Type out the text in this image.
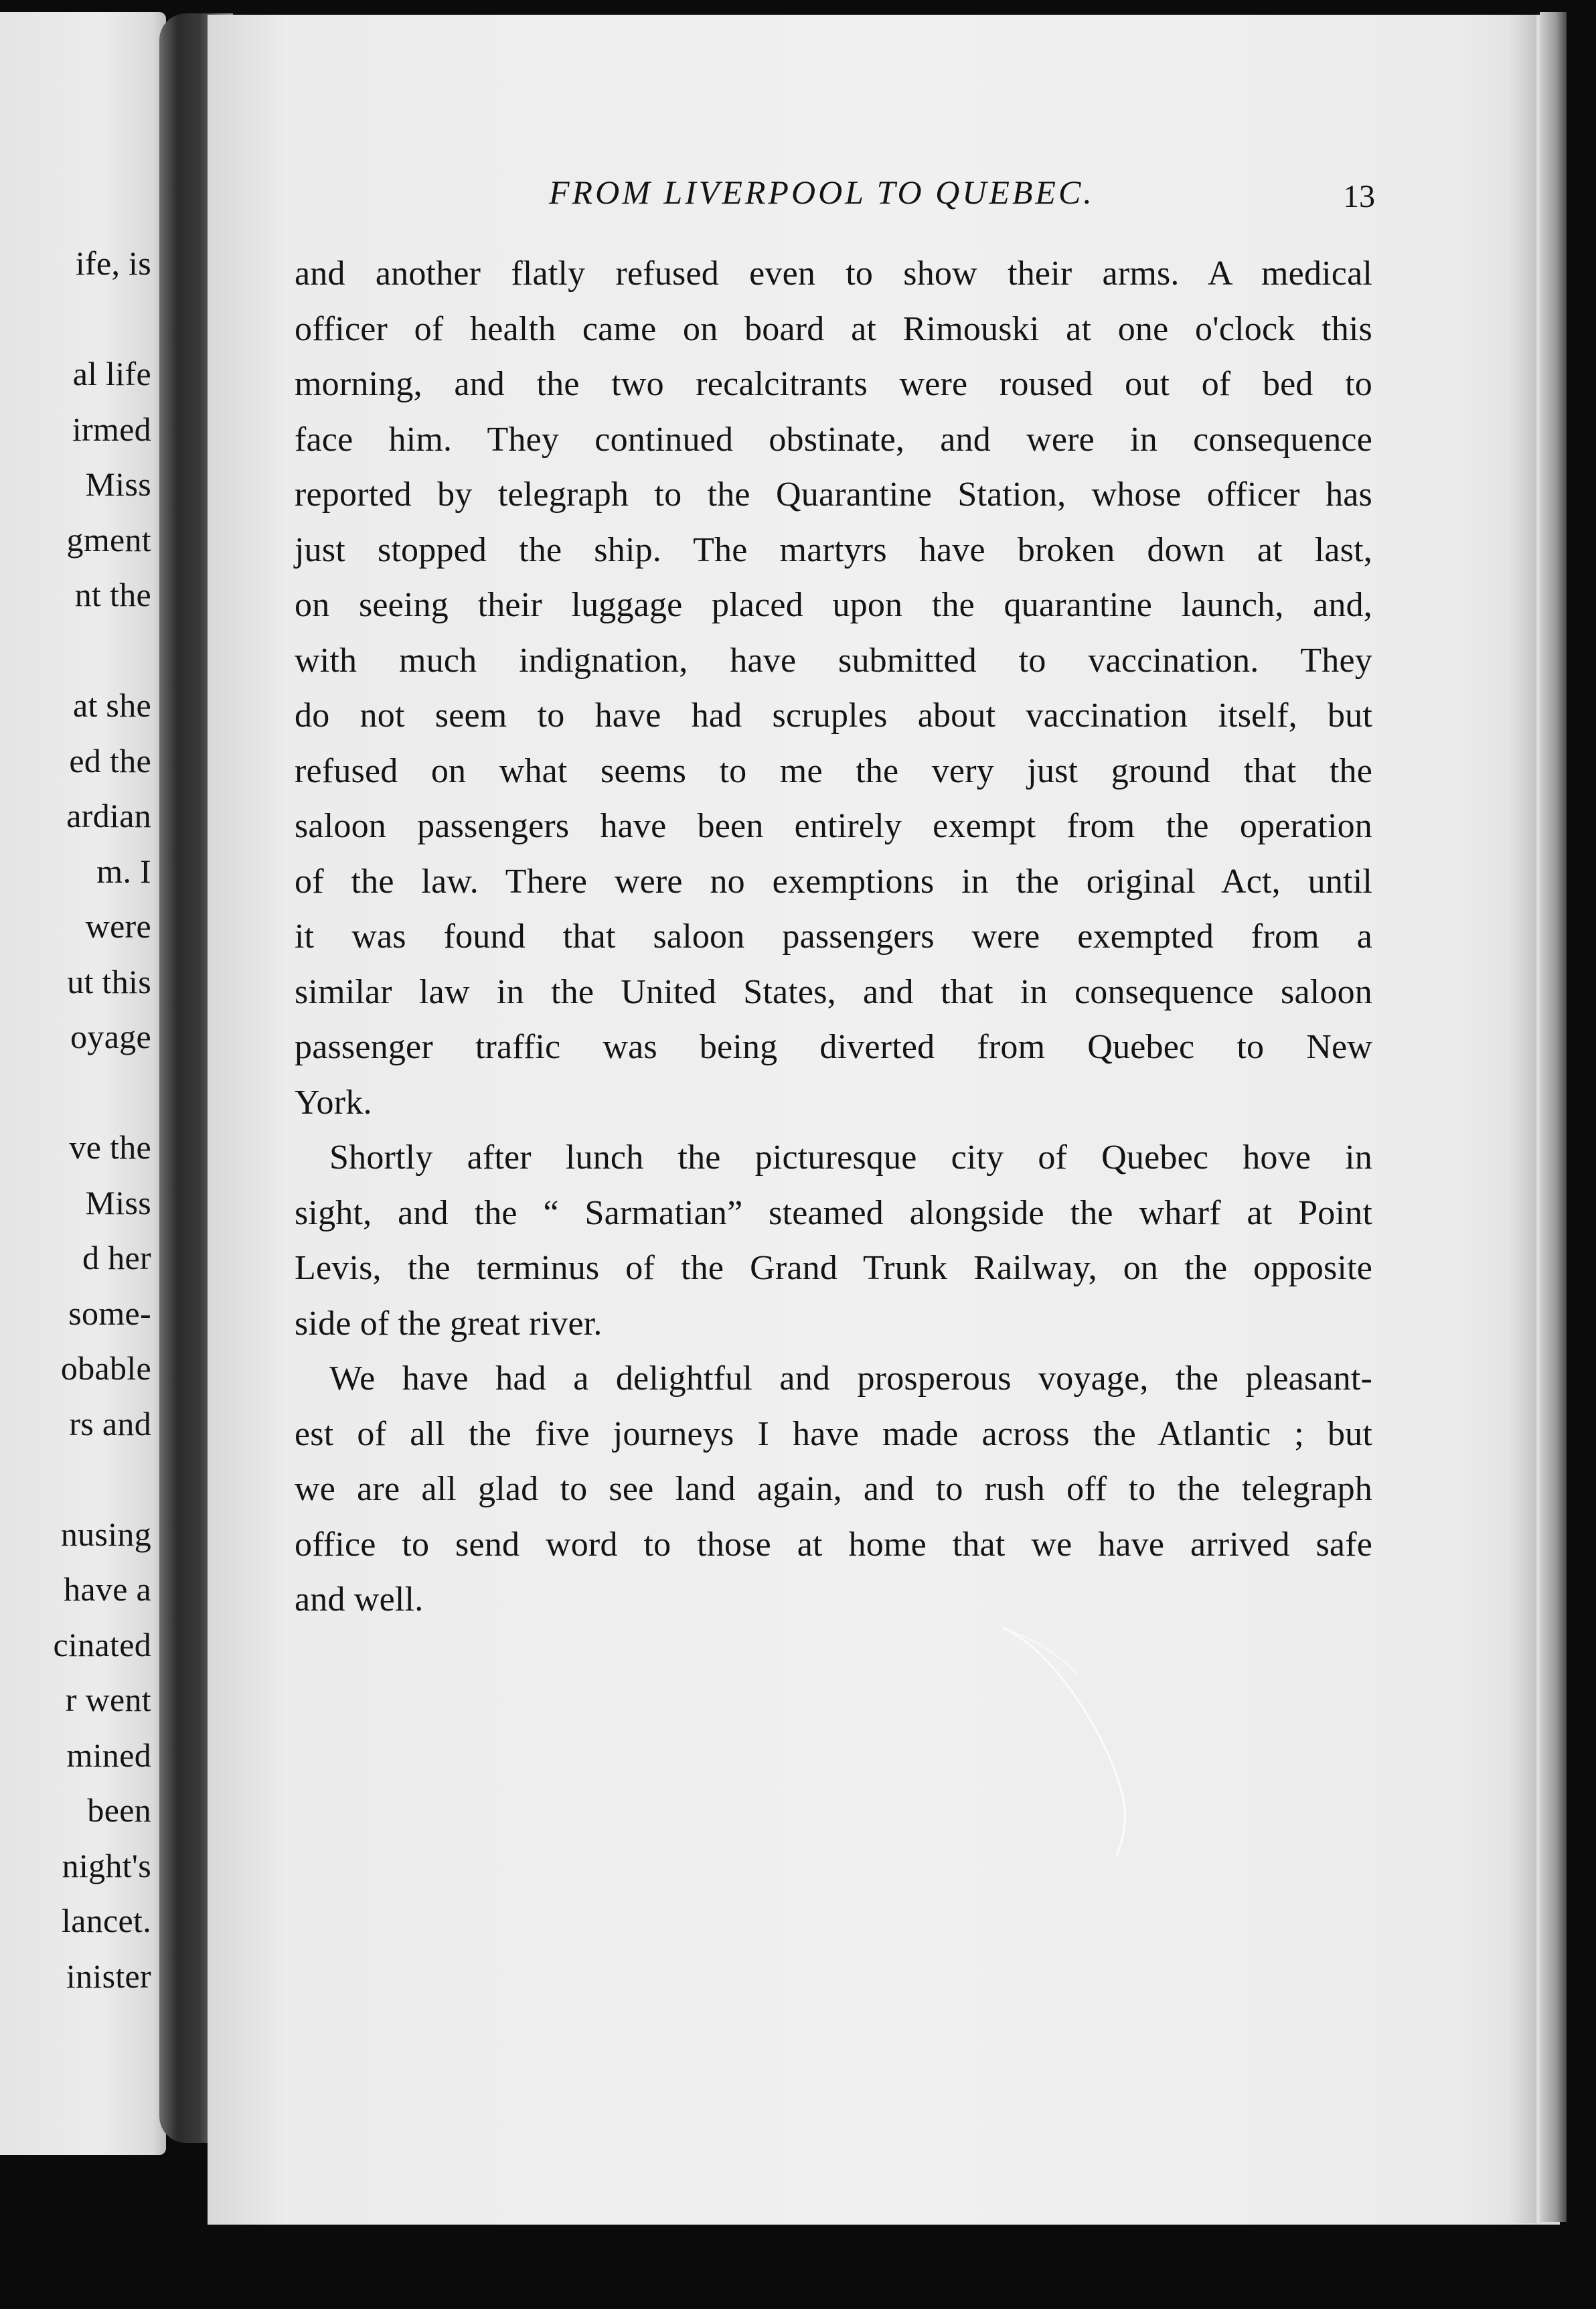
ife, is
al life
irmed
Miss
gment
nt the
at she
ed the
ardian
m. I
were
ut this
oyage
ve the
Miss
d her
some-
obable
rs and
nusing
have a
cinated
r went
mined
been
night's
lancet.
inister
FROM LIVERPOOL TO QUEBEC.	13

and another flatly refused even to show their arms. A medical
officer of health came on board at Rimouski at one o'clock this
morning, and the two recalcitrants were roused out of bed to
face him. They continued obstinate, and were in consequence
reported by telegraph to the Quarantine Station, whose officer has
just stopped the ship. The martyrs have broken down at last,
on seeing their luggage placed upon the quarantine launch, and,
with much indignation, have submitted to vaccination. They
do not seem to have had scruples about vaccination itself, but
refused on what seems to me the very just ground that the
saloon passengers have been entirely exempt from the operation
of the law. There were no exemptions in the original Act, until
it was found that saloon passengers were exempted from a
similar law in the United States, and that in consequence saloon
passenger traffic was being diverted from Quebec to New
York.

Shortly after lunch the picturesque city of Quebec hove in
sight, and the “ Sarmatian” steamed alongside the wharf at Point
Levis, the terminus of the Grand Trunk Railway, on the opposite
side of the great river.

We have had a delightful and prosperous voyage, the pleasant-
est of all the five journeys I have made across the Atlantic ; but
we are all glad to see land again, and to rush off to the telegraph
office to send word to those at home that we have arrived safe
and well.
